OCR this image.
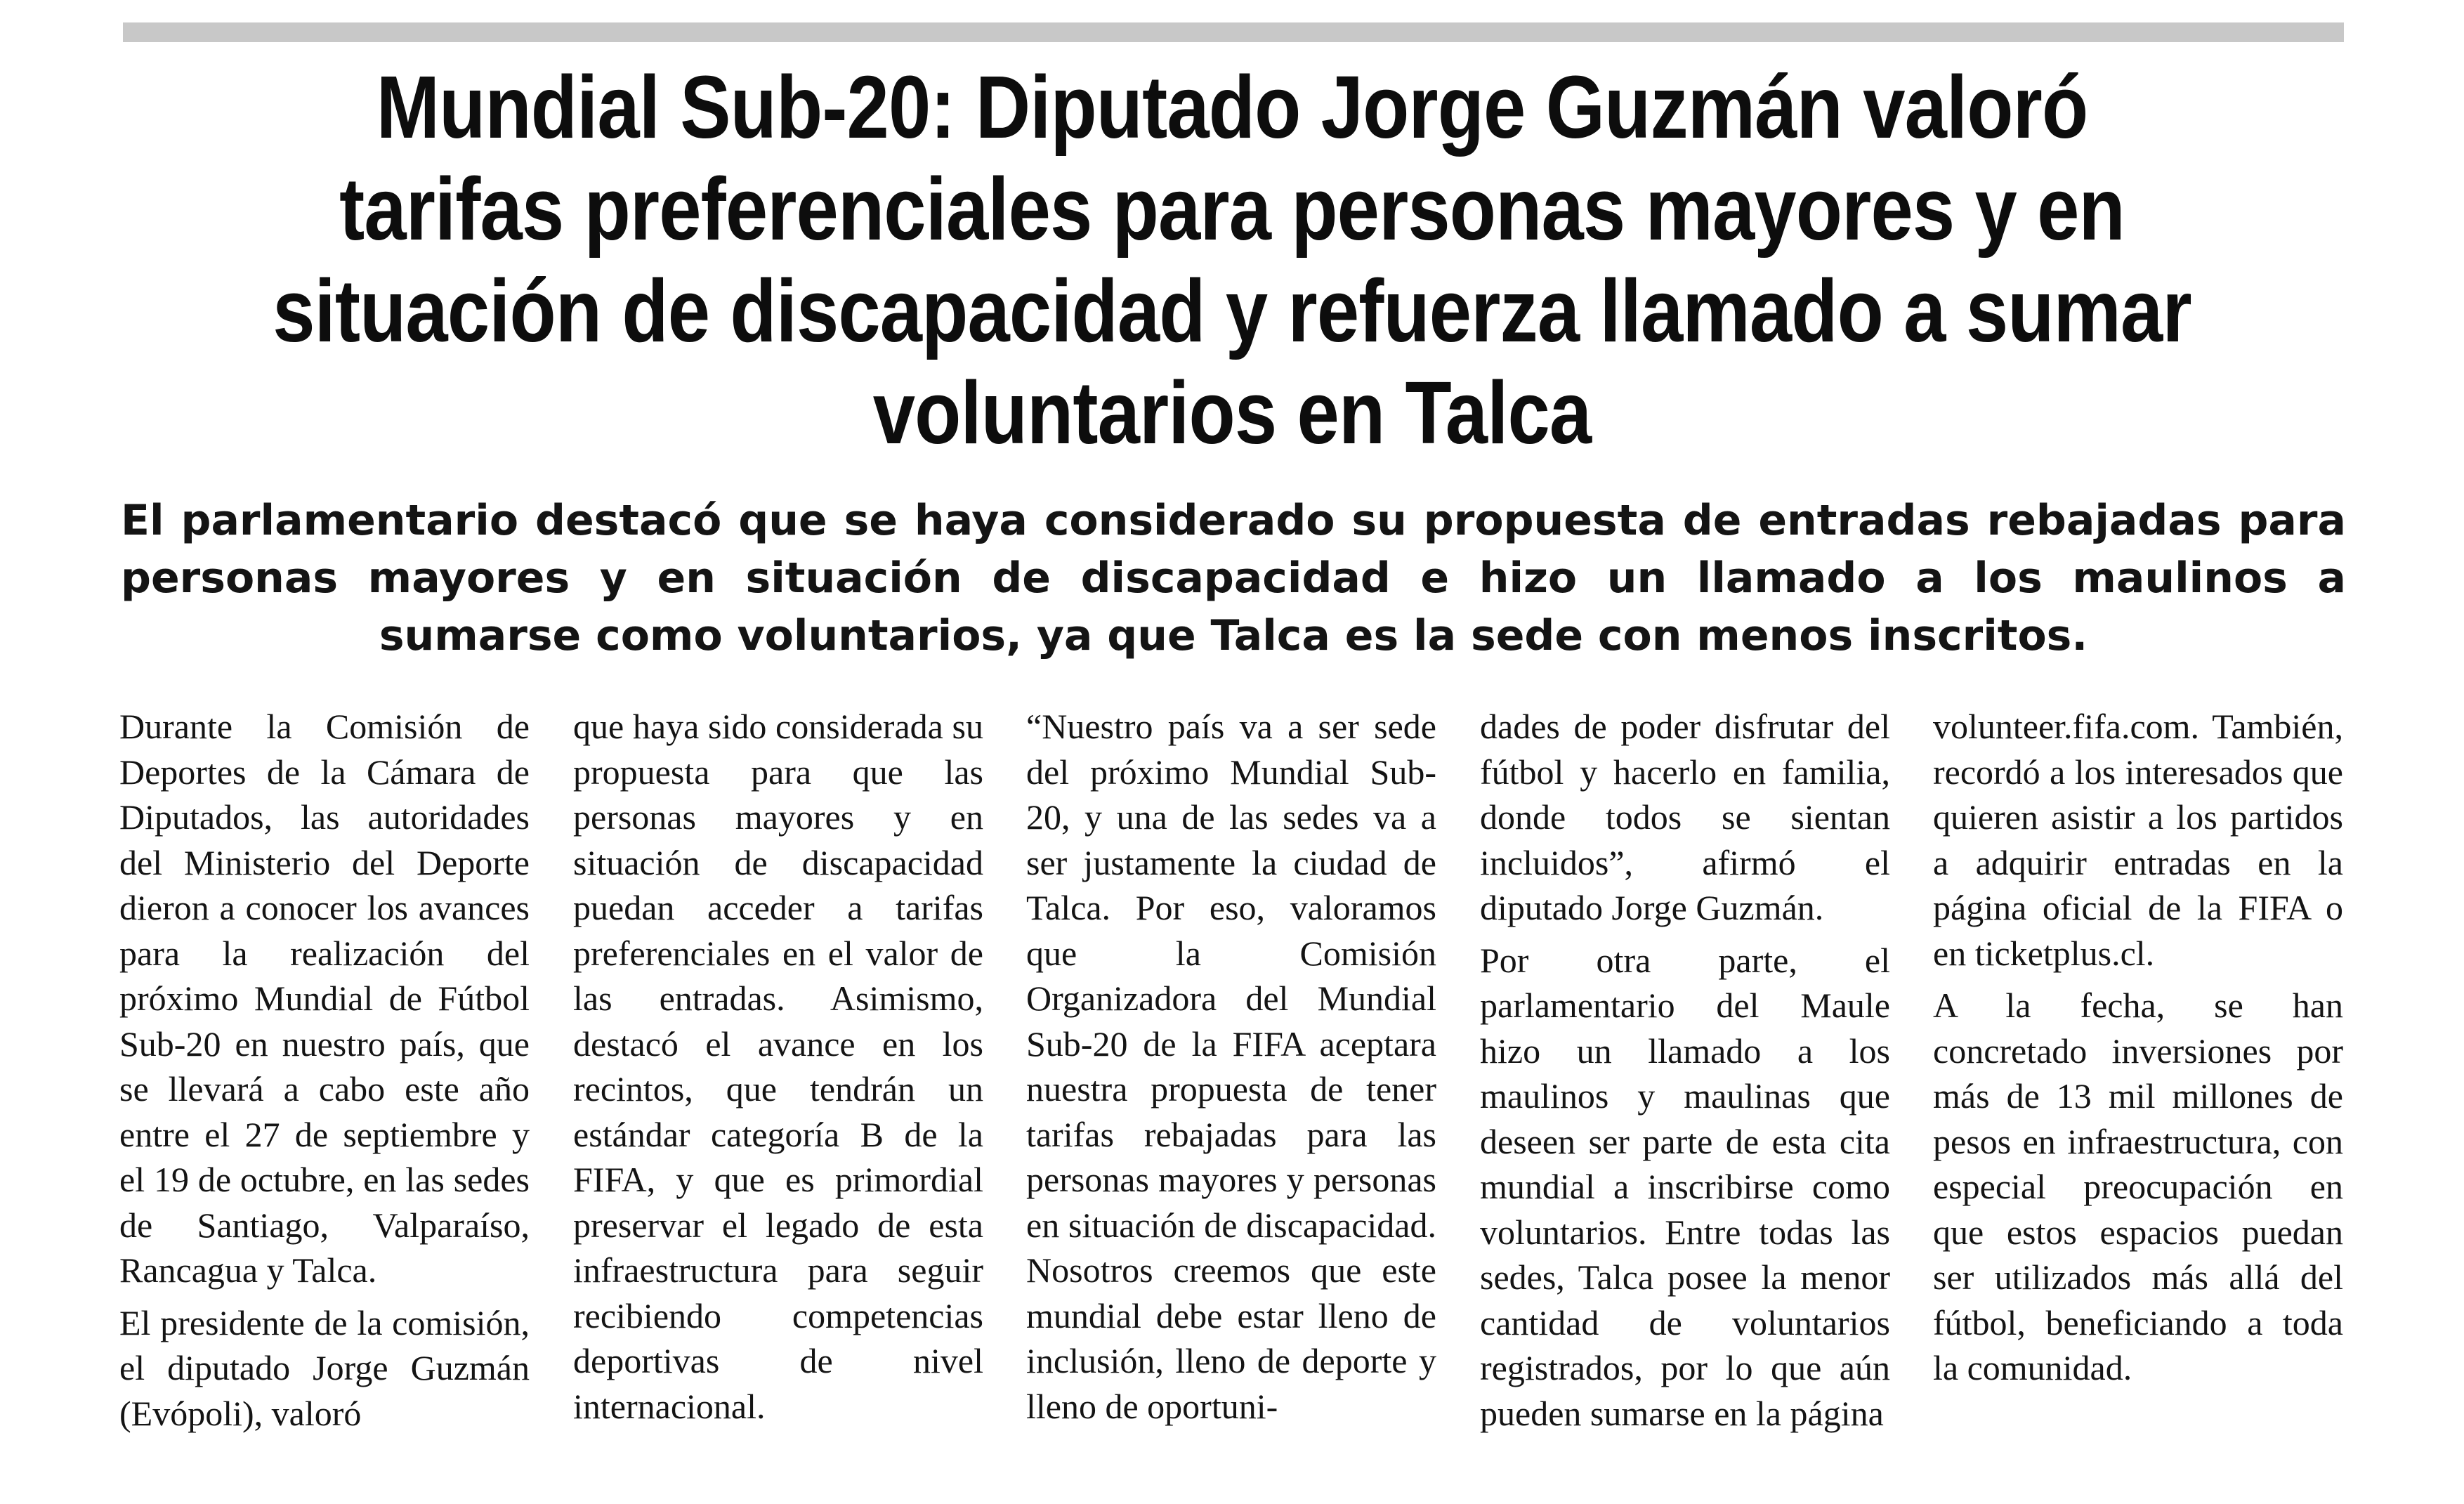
Mundial Sub-20: Diputado Jorge Guzmán valoró tarifas preferenciales para personas mayores y en situación de discapacidad y refuerza llamado a sumar voluntarios en Talca

El parlamentario destacó que se haya considerado su propuesta de entradas rebajadas para personas mayores y en situación de discapacidad e hizo un llamado a los maulinos a sumarse como voluntarios, ya que Talca es la sede con menos inscritos.

Durante la Comisión de Deportes de la Cámara de Diputados, las autoridades del Ministerio del Deporte dieron a conocer los avances para la realización del próximo Mundial de Fútbol Sub-20 en nuestro país, que se llevará a cabo este año entre el 27 de septiembre y el 19 de octubre, en las sedes de Santiago, Valparaíso, Rancagua y Talca.

El presidente de la comisión, el diputado Jorge Guzmán (Evópoli), valoró

que haya sido considerada su propuesta para que las personas mayores y en situación de discapacidad puedan acceder a tarifas preferenciales en el valor de las entradas. Asimismo, destacó el avance en los recintos, que tendrán un estándar categoría B de la FIFA, y que es primordial preservar el legado de esta infraestructura para seguir recibiendo competencias deportivas de nivel internacional.

“Nuestro país va a ser sede del próximo Mundial Sub-20, y una de las sedes va a ser justamente la ciudad de Talca. Por eso, valoramos que la Comisión Organizadora del Mundial Sub-20 de la FIFA aceptara nuestra propuesta de tener tarifas rebajadas para las personas mayores y personas en situación de discapacidad. Nosotros creemos que este mundial debe estar lleno de inclusión, lleno de deporte y lleno de oportuni-

dades de poder disfrutar del fútbol y hacerlo en familia, donde todos se sientan incluidos”, afirmó el diputado Jorge Guzmán.

Por otra parte, el parlamentario del Maule hizo un llamado a los maulinos y maulinas que deseen ser parte de esta cita mundial a inscribirse como voluntarios. Entre todas las sedes, Talca posee la menor cantidad de voluntarios registrados, por lo que aún pueden sumarse en la página

volunteer.fifa.com. También, recordó a los interesados que quieren asistir a los partidos a adquirir entradas en la página oficial de la FIFA o en ticketplus.cl.

A la fecha, se han concretado inversiones por más de 13 mil millones de pesos en infraestructura, con especial preocupación en que estos espacios puedan ser utilizados más allá del fútbol, beneficiando a toda la comunidad.
